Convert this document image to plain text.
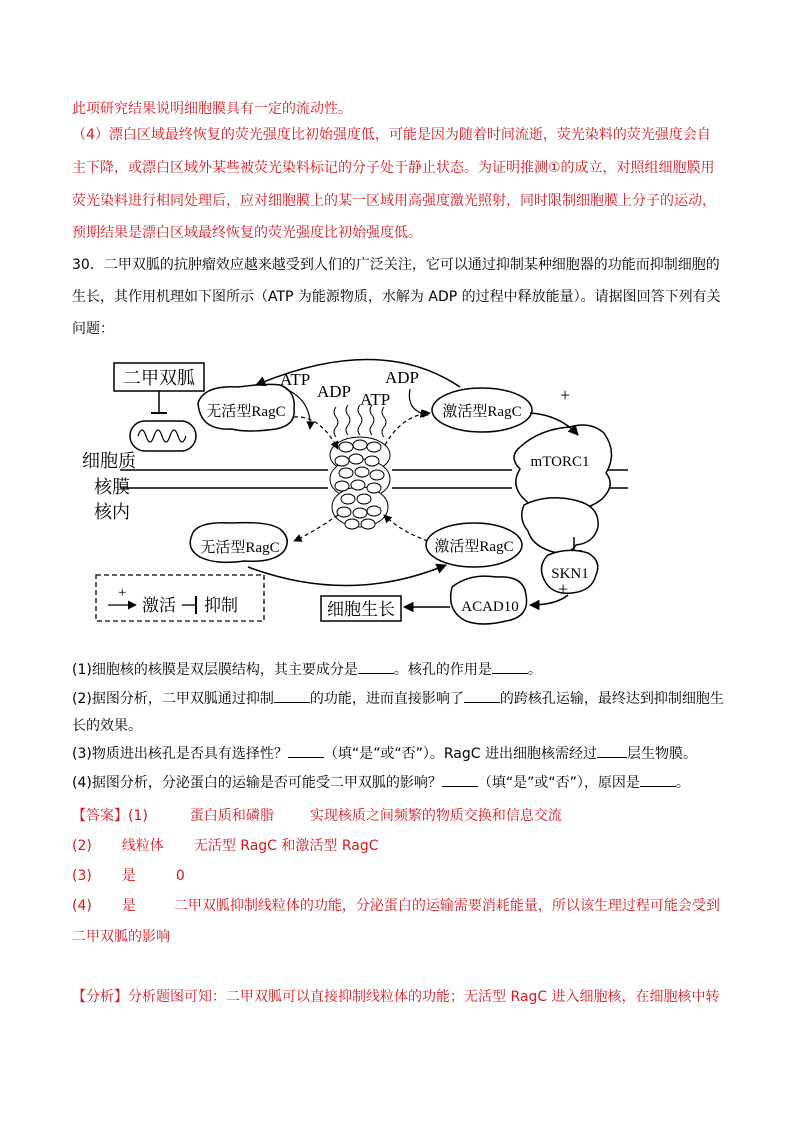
此项研究结果说明细胞膜具有一定的流动性。
（4）漂白区域最终恢复的荧光强度比初始强度低，可能是因为随着时间流逝，荧光染料的荧光强度会自
主下降，或漂白区域外某些被荧光染料标记的分子处于静止状态。为证明推测①的成立，对照组细胞膜用
荧光染料进行相同处理后，应对细胞膜上的某一区域用高强度激光照射，同时限制细胞膜上分子的运动，
预期结果是漂白区域最终恢复的荧光强度比初始强度低。
30．二甲双胍的抗肿瘤效应越来越受到人们的广泛关注，它可以通过抑制某种细胞器的功能而抑制细胞的
生长，其作用机理如下图所示（ATP 为能源物质，水解为 ADP 的过程中释放能量）。请据图回答下列有关
问题：
二甲双胍
细胞质
核膜
核内
无活型RagC	激活型RagC
ATP
ADP
ADP
ATP
无活型RagC	激活型RagC
mTORC1
+
SKN1
ACAD10
+
细胞生长
+
激活 抑制
(1)细胞核的核膜是双层膜结构，其主要成分是	。核孔的作用是	。
(2)据图分析，二甲双胍通过抑制	的功能，进而直接影响了	的跨核孔运输，最终达到抑制细胞生
长的效果。
(3)物质进出核孔是否具有选择性？	（填“是”或“否”）。RagC 进出细胞核需经过 层生物膜。
(4)据图分析，分泌蛋白的运输是否可能受二甲双胍的影响？	（填“是”或“否”），原因是	。
【答案】(1)	蛋白质和磷脂	实现核质之间频繁的物质交换和信息交流
(2) 线粒体 无活型 RagC 和激活型 RagC
(3) 是	0
(4) 是	二甲双胍抑制线粒体的功能，分泌蛋白的运输需要消耗能量，所以该生理过程可能会受到
二甲双胍的影响
【分析】分析题图可知：二甲双胍可以直接抑制线粒体的功能；无活型 RagC 进入细胞核，在细胞核中转
